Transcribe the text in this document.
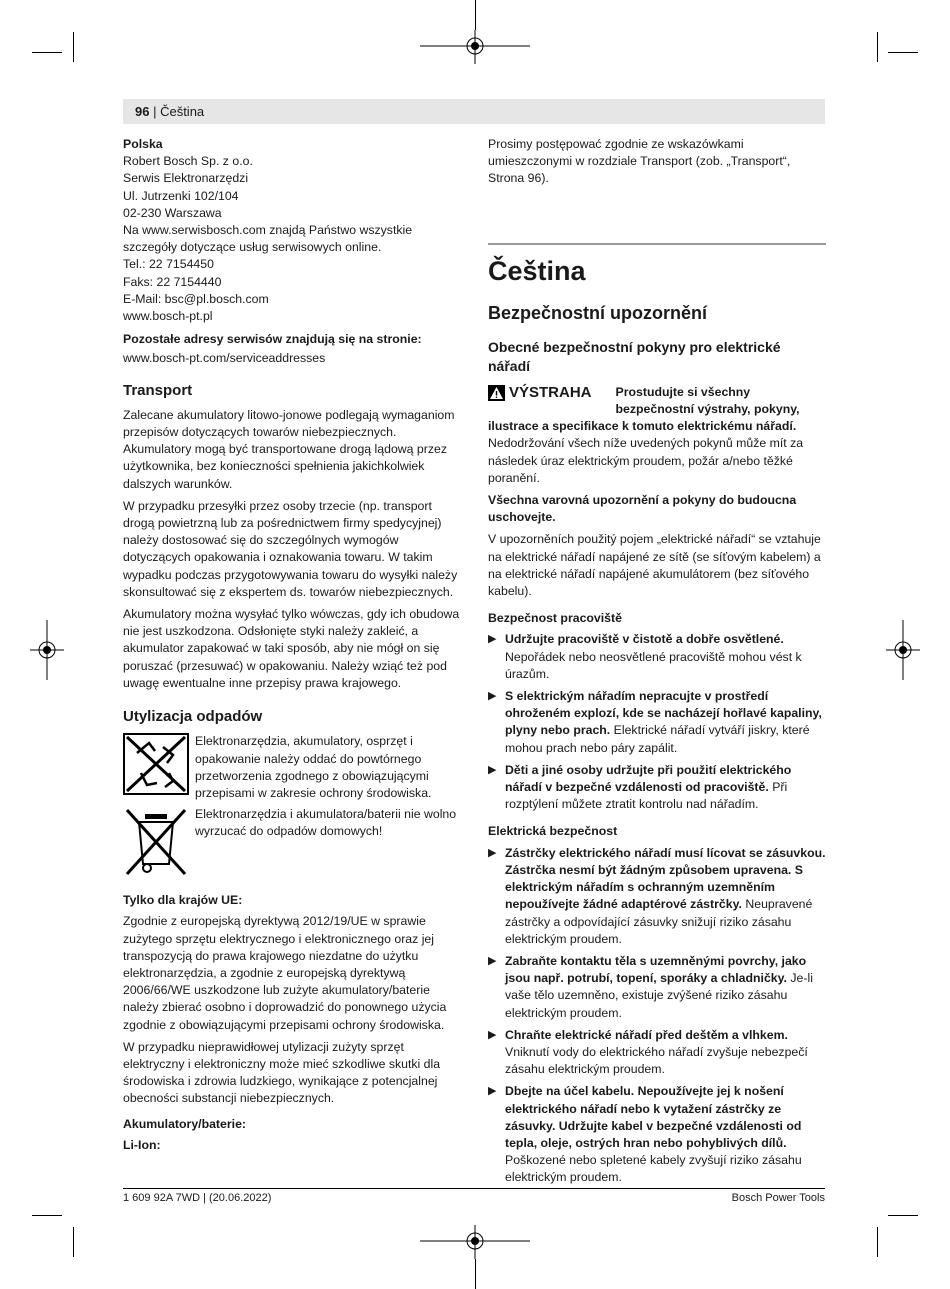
96 | Čeština
Polska
Robert Bosch Sp. z o.o.
Serwis Elektronarzędzi
Ul. Jutrzenki 102/104
02-230 Warszawa
Na www.serwisbosch.com znajdą Państwo wszystkie szczegóły dotyczące usług serwisowych online.
Tel.: 22 7154450
Faks: 22 7154440
E-Mail: bsc@pl.bosch.com
www.bosch-pt.pl
Pozostałe adresy serwisów znajdują się na stronie:
www.bosch-pt.com/serviceaddresses
Transport

Zalecane akumulatory litowo-jonowe podlegają wymaganiom przepisów dotyczących towarów niebezpiecznych. Akumulatory mogą być transportowane drogą lądową przez użytkownika, bez konieczności spełnienia jakichkolwiek dalszych warunków.

W przypadku przesyłki przez osoby trzecie (np. transport drogą powietrzną lub za pośrednictwem firmy spedycyjnej) należy dostosować się do szczególnych wymogów dotyczących opakowania i oznakowania towaru. W takim wypadku podczas przygotowywania towaru do wysyłki należy skonsultować się z ekspertem ds. towarów niebezpiecznych.

Akumulatory można wysyłać tylko wówczas, gdy ich obudowa nie jest uszkodzona. Odsłonięte styki należy zakleić, a akumulator zapakować w taki sposób, aby nie mógł on się poruszać (przesuwać) w opakowaniu. Należy wziąć też pod uwagę ewentualne inne przepisy prawa krajowego.

Utylizacja odpadów
Elektronarzędzia, akumulatory, osprzęt i opakowanie należy oddać do powtórnego przetworzenia zgodnego z obowiązującymi przepisami w zakresie ochrony środowiska.
Elektronarzędzia i akumulatora/baterii nie wolno wyrzucać do odpadów domowych!
Tylko dla krajów UE:

Zgodnie z europejską dyrektywą 2012/19/UE w sprawie zużytego sprzętu elektrycznego i elektronicznego oraz jej transpozycją do prawa krajowego niezdatne do użytku elektronarzędzia, a zgodnie z europejską dyrektywą 2006/66/WE uszkodzone lub zużyte akumulatory/baterie należy zbierać osobno i doprowadzić do ponownego użycia zgodnie z obowiązującymi przepisami ochrony środowiska.

W przypadku nieprawidłowej utylizacji zużyty sprzęt elektryczny i elektroniczny może mieć szkodliwe skutki dla środowiska i zdrowia ludzkiego, wynikające z potencjalnej obecności substancji niebezpiecznych.

Akumulatory/baterie:
Li-Ion:

Prosimy postępować zgodnie ze wskazówkami umieszczonymi w rozdziale Transport (zob. „Transport“, Strona 96).

Čeština
Bezpečnostní upozornění
Obecné bezpečnostní pokyny pro elektrické nářadí
VÝSTRAHA	Prostudujte si všechny bezpečnostní výstrahy, pokyny,
ilustrace a specifikace k tomuto elektrickému nářadí.

Nedodržování všech níže uvedených pokynů může mít za následek úraz elektrickým proudem, požár a/nebo těžké poranění.

Všechna varovná upozornění a pokyny do budoucna uschovejte.

V upozorněních použitý pojem „elektrické nářadí“ se vztahuje na elektrické nářadí napájené ze sítě (se síťovým kabelem) a na elektrické nářadí napájené akumulátorem (bez síťového kabelu).

Bezpečnost pracoviště
▶ Udržujte pracoviště v čistotě a dobře osvětlené. Nepořádek nebo neosvětlené pracoviště mohou vést k úrazům.
▶ S elektrickým nářadím nepracujte v prostředí ohroženém explozí, kde se nacházejí hořlavé kapaliny, plyny nebo prach. Elektrické nářadí vytváří jiskry, které mohou prach nebo páry zapálit.
▶ Děti a jiné osoby udržujte při použití elektrického nářadí v bezpečné vzdálenosti od pracoviště. Při rozptýlení můžete ztratit kontrolu nad nářadím.
Elektrická bezpečnost
▶ Zástrčky elektrického nářadí musí lícovat se zásuvkou. Zástrčka nesmí být žádným způsobem upravena. S elektrickým nářadím s ochranným uzemněním nepoužívejte žádné adaptérové zástrčky. Neupravené zástrčky a odpovídající zásuvky snižují riziko zásahu elektrickým proudem.
▶ Zabraňte kontaktu těla s uzemněnými povrchy, jako jsou např. potrubí, topení, sporáky a chladničky. Je-li vaše tělo uzemněno, existuje zvýšené riziko zásahu elektrickým proudem.
▶ Chraňte elektrické nářadí před deštěm a vlhkem. Vniknutí vody do elektrického nářadí zvyšuje nebezpečí zásahu elektrickým proudem.
▶ Dbejte na účel kabelu. Nepoužívejte jej k nošení elektrického nářadí nebo k vytažení zástrčky ze zásuvky. Udržujte kabel v bezpečné vzdálenosti od tepla, oleje, ostrých hran nebo pohyblivých dílů. Poškozené nebo spletené kabely zvyšují riziko zásahu elektrickým proudem.
1 609 92A 7WD | (20.06.2022)	Bosch Power Tools
